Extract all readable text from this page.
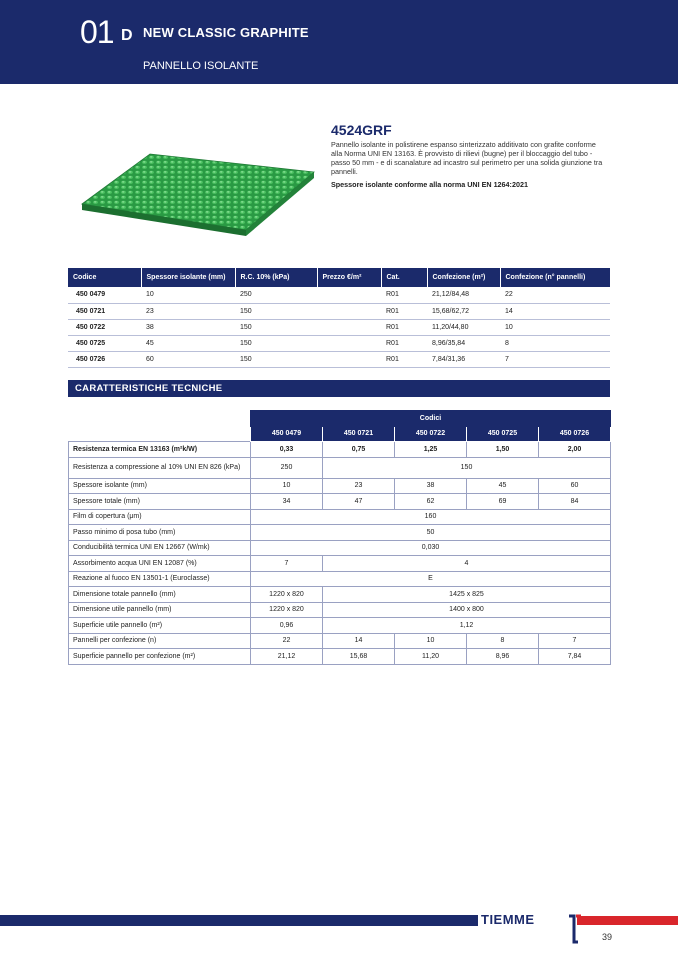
01 D NEW CLASSIC GRAPHITE
PANNELLO ISOLANTE
4524GRF
Pannello isolante in polistirene espanso sinterizzato additivato con grafite conforme alla Norma UNI EN 13163. È provvisto di rilievi (bugne) per il bloccaggio del tubo - passo 50 mm - e di scanalature ad incastro sul perimetro per una solida giunzione tra pannelli.
Spessore isolante conforme alla norma UNI EN 1264:2021
Codice	Spessore isolante (mm)	R.C. 10% (kPa)	Prezzo €/m²	Cat.	Confezione (m²)	Confezione (n° pannelli)
450 0479	10	250		R01	21,12/84,48	22
450 0721	23	150		R01	15,68/62,72	14
450 0722	38	150		R01	11,20/44,80	10
450 0725	45	150		R01	8,96/35,84	8
450 0726	60	150		R01	7,84/31,36	7
CARATTERISTICHE TECNICHE
	Codici				
	450 0479	450 0721	450 0722	450 0725	450 0726
Resistenza termica EN 13163 (m²k/W)	0,33	0,75	1,25	1,50	2,00
Resistenza a compressione al 10% UNI EN 826 (kPa)	250	150			
Spessore isolante (mm)	10	23	38	45	60
Spessore totale (mm)	34	47	62	69	84
Film di copertura (μm)	160				
Passo minimo di posa tubo (mm)	50				
Conducibilità termica UNI EN 12667 (W/mk)	0,030				
Assorbimento acqua UNI EN 12087 (%)	7	4			
Reazione al fuoco EN 13501-1 (Euroclasse)	E				
Dimensione totale pannello (mm)	1220 x 820	1425 x 825			
Dimensione utile pannello (mm)	1220 x 820	1400 x 800			
Superficie utile pannello (m²)	0,96	1,12			
Pannelli per confezione (n)	22	14	10	8	7
Superficie pannello per confezione (m²)	21,12	15,68	11,20	8,96	7,84
TIEMME
39
